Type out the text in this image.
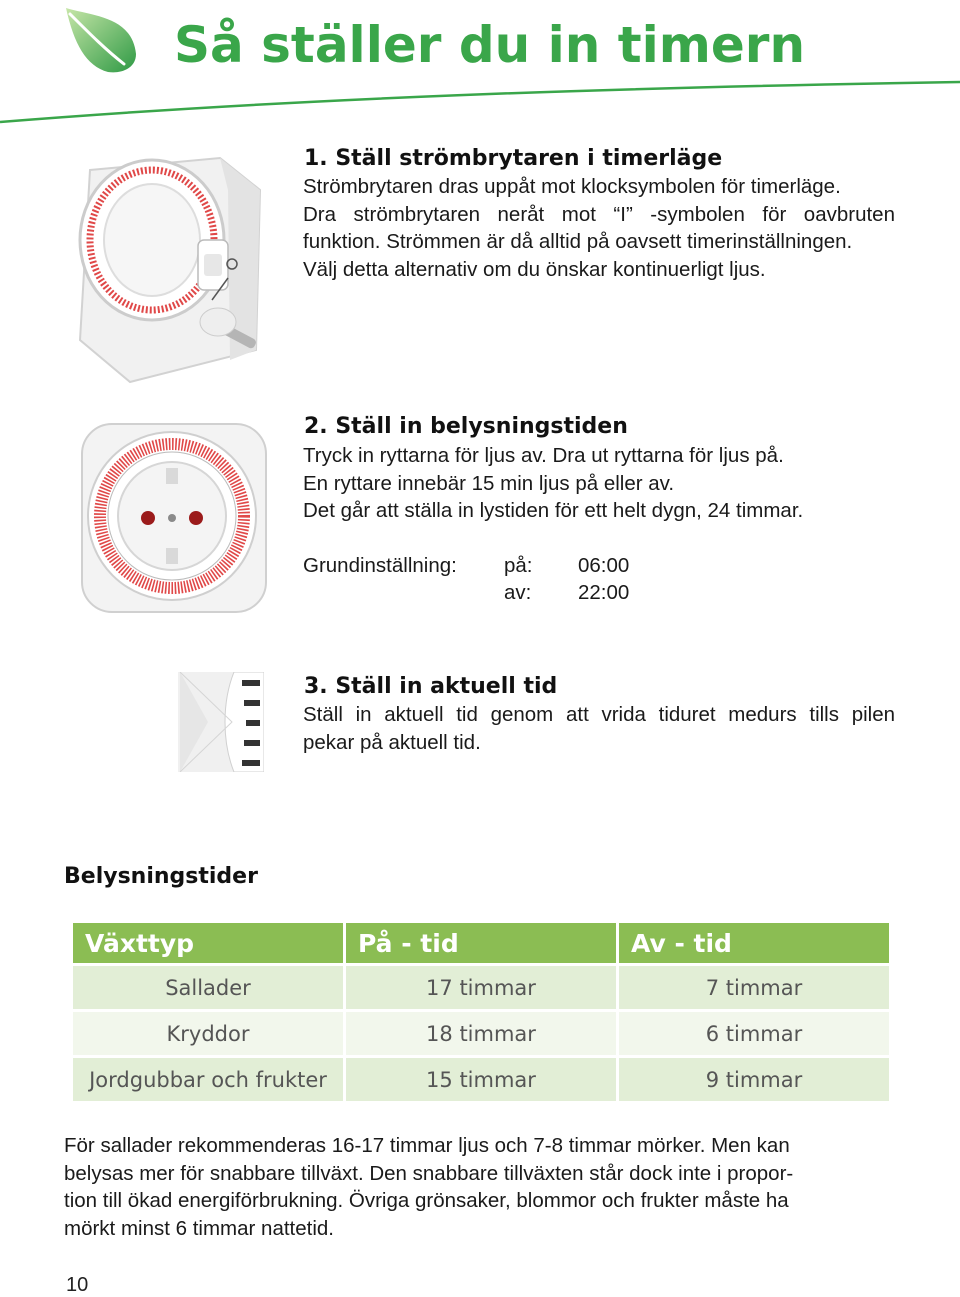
Så ställer du in timern
1. Ställ strömbrytaren i timerläge
Strömbrytaren dras uppåt mot klocksymbolen för timerläge.
Dra strömbrytaren neråt mot “I” -symbolen för oavbruten
funktion. Strömmen är då alltid på oavsett timerinställningen.
Välj detta alternativ om du önskar kontinuerligt ljus.
2. Ställ in belysningstiden
Tryck in ryttarna för ljus av. Dra ut ryttarna för ljus på.
En ryttare innebär 15 min ljus på eller av.
Det går att ställa in lystiden för ett helt dygn, 24 timmar.
Grundinställning: på: 06:00
av: 22:00
3. Ställ in aktuell tid
Ställ in aktuell tid genom att vrida tiduret medurs tills pilen
pekar på aktuell tid.
Belysningstider
Växttyp	På - tid	Av - tid
Sallader	17 timmar	7 timmar
Kryddor	18 timmar	6 timmar
Jordgubbar och frukter	15 timmar	9 timmar
För sallader rekommenderas 16-17 timmar ljus och 7-8 timmar mörker. Men kan
belysas mer för snabbare tillväxt. Den snabbare tillväxten står dock inte i propor-
tion till ökad energiförbrukning. Övriga grönsaker, blommor och frukter måste ha
mörkt minst 6 timmar nattetid.
10
